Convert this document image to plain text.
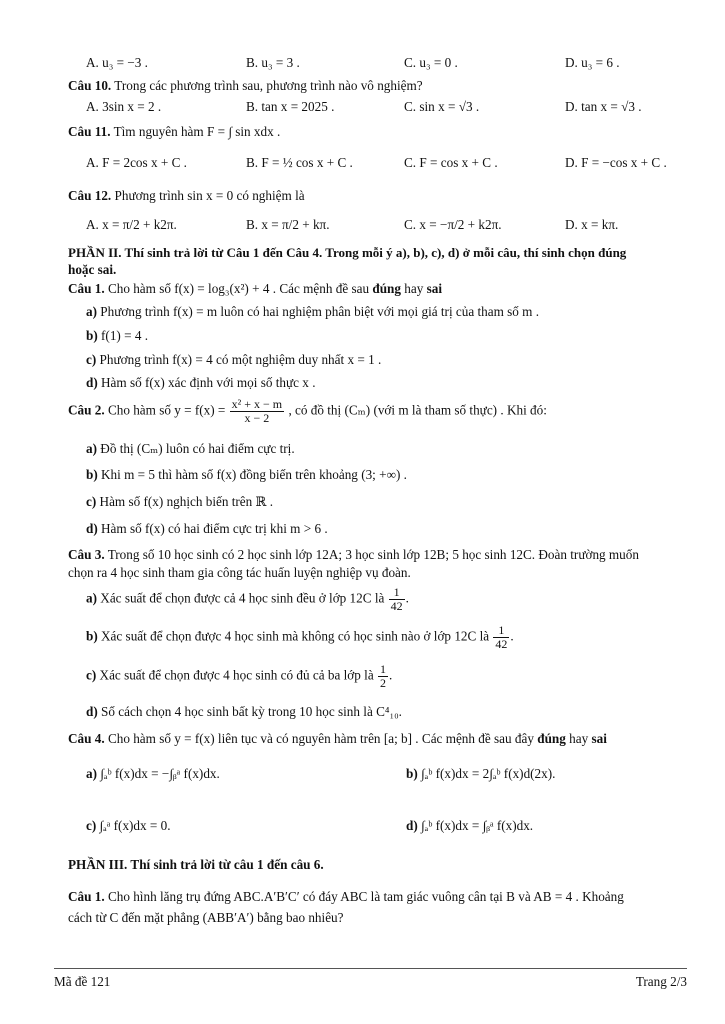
A. u₃ = −3 .	B. u₃ = 3 .	C. u₃ = 0 .	D. u₃ = 6 .
Câu 10. Trong các phương trình sau, phương trình nào vô nghiệm?
A. 3sin x = 2 .	B. tan x = 2025 .	C. sin x = √3 .	D. tan x = √3 .
Câu 11. Tìm nguyên hàm F = ∫ sin xdx .
A. F = 2cos x + C .	B. F = ½ cos x + C .	C. F = cos x + C .	D. F = −cos x + C .
Câu 12. Phương trình sin x = 0 có nghiệm là
A. x = π/2 + k2π.	B. x = π/2 + kπ.	C. x = −π/2 + k2π.	D. x = kπ.
PHẦN II. Thí sinh trả lời từ Câu 1 đến Câu 4. Trong mỗi ý a), b), c), d) ở mỗi câu, thí sinh chọn đúng
hoặc sai.
Câu 1. Cho hàm số f(x) = log₃(x²) + 4 . Các mệnh đề sau đúng hay sai
a) Phương trình f(x) = m luôn có hai nghiệm phân biệt với mọi giá trị của tham số m .
b) f(1) = 4 .
c) Phương trình f(x) = 4 có một nghiệm duy nhất x = 1 .
d) Hàm số f(x) xác định với mọi số thực x .
Câu 2. Cho hàm số $y = f(x) = \frac{\text{x² + x − m}}{x - 2}$ , có đồ thị (Cₘ) (với m là tham số thực) . Khi đó:
a) Đồ thị (Cₘ) luôn có hai điểm cực trị.
b) Khi m = 5 thì hàm số f(x) đồng biến trên khoảng (3; +∞) .
c) Hàm số f(x) nghịch biến trên ℝ .
d) Hàm số f(x) có hai điểm cực trị khi m > 6 .
Câu 3. Trong số 10 học sinh có 2 học sinh lớp 12A; 3 học sinh lớp 12B; 5 học sinh 12C. Đoàn trường muốn
chọn ra 4 học sinh tham gia công tác huấn luyện nghiệp vụ đoàn.
a) Xác suất để chọn được cả 4 học sinh đều ở lớp 12C là $\frac{1}{42}$ .
b) Xác suất để chọn được 4 học sinh mà không có học sinh nào ở lớp 12C là $\frac{1}{42}$ .
c) Xác suất để chọn được 4 học sinh có đủ cả ba lớp là $\frac{1}{2}$ .
d) Số cách chọn 4 học sinh bất kỳ trong 10 học sinh là C⁴₁₀.
Câu 4. Cho hàm số y = f(x) liên tục và có nguyên hàm trên [a; b] . Các mệnh đề sau đây đúng hay sai
a) ∫ₐᵇ f(x)dx = −∫ᵦᵃ f(x)dx.	b) ∫ₐᵇ f(x)dx = 2∫ₐᵇ f(x)d(2x).
c) ∫ₐᵃ f(x)dx = 0.	d) ∫ₐᵇ f(x)dx = ∫ᵦᵃ f(x)dx.
PHẦN III. Thí sinh trả lời từ câu 1 đến câu 6.
Câu 1. Cho hình lăng trụ đứng ABC.A′B′C′ có đáy ABC là tam giác vuông cân tại B và AB = 4 . Khoảng
cách từ C đến mặt phẳng (ABB′A′) bằng bao nhiêu?
Mã đề 121	Trang 2/3
